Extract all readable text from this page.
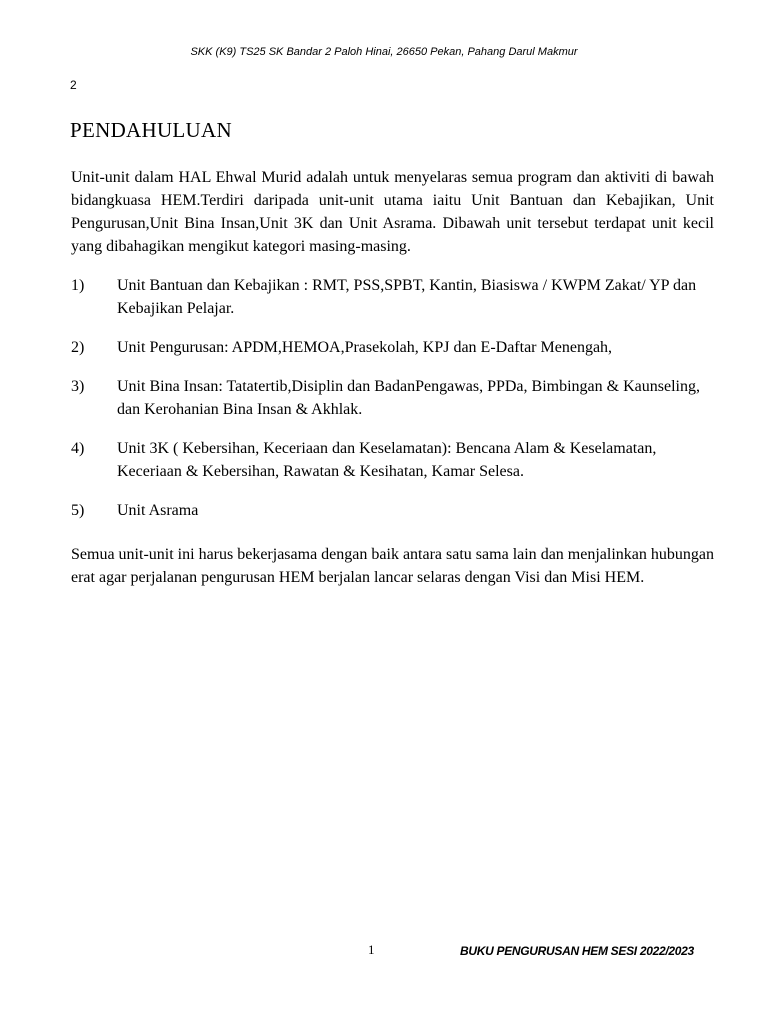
SKK (K9) TS25 SK Bandar 2 Paloh Hinai, 26650 Pekan, Pahang Darul Makmur
2
PENDAHULUAN

Unit-unit dalam HAL Ehwal Murid adalah untuk menyelaras semua program dan aktiviti di bawah bidangkuasa HEM.Terdiri daripada unit-unit utama iaitu Unit Bantuan dan Kebajikan, Unit Pengurusan,Unit Bina Insan,Unit 3K dan Unit Asrama. Dibawah unit tersebut terdapat unit kecil yang dibahagikan mengikut kategori masing-masing.

1)	Unit Bantuan dan Kebajikan : RMT, PSS,SPBT, Kantin, Biasiswa / KWPM Zakat/ YP dan Kebajikan Pelajar.
2)	Unit Pengurusan: APDM,HEMOA,Prasekolah, KPJ dan E-Daftar Menengah,
3)	Unit Bina Insan: Tatatertib,Disiplin dan BadanPengawas, PPDa, Bimbingan & Kaunseling, dan Kerohanian Bina Insan & Akhlak.
4)	Unit 3K ( Kebersihan, Keceriaan dan Keselamatan): Bencana Alam & Keselamatan, Keceriaan & Kebersihan, Rawatan & Kesihatan, Kamar Selesa.
5)	Unit Asrama

Semua unit-unit ini harus bekerjasama dengan baik antara satu sama lain dan menjalinkan hubungan erat agar perjalanan pengurusan HEM berjalan lancar selaras dengan Visi dan Misi HEM.

1	BUKU PENGURUSAN HEM SESI 2022/2023
